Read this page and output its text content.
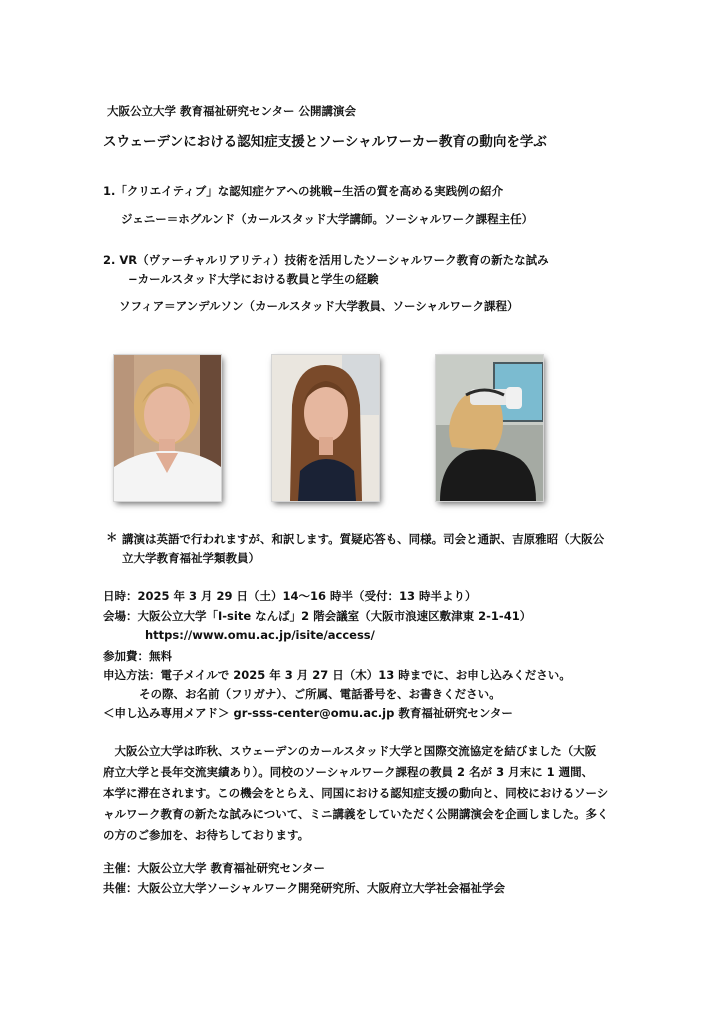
大阪公立大学 教育福祉研究センター 公開講演会
スウェーデンにおける認知症支援とソーシャルワーカー教育の動向を学ぶ
1.「クリエイティブ」な認知症ケアへの挑戦−生活の質を高める実践例の紹介
ジェニー＝ホグルンド（カールスタッド大学講師。ソーシャルワーク課程主任）
2. VR（ヴァーチャルリアリティ）技術を活用したソーシャルワーク教育の新たな試み
−カールスタッド大学における教員と学生の経験
ソフィア＝アンデルソン（カールスタッド大学教員、ソーシャルワーク課程）
＊ 講演は英語で行われますが、和訳します。質疑応答も、同様。司会と通訳、吉原雅昭（大阪公
立大学教育福祉学類教員）
日時：2025 年 3 月 29 日（土）14〜16 時半（受付：13 時半より）
会場：大阪公立大学「I-site なんば」2 階会議室（大阪市浪速区敷津東 2-1-41）
https://www.omu.ac.jp/isite/access/
参加費：無料
申込方法：電子メイルで 2025 年 3 月 27 日（木）13 時までに、お申し込みください。
その際、お名前（フリガナ）、ご所属、電話番号を、お書きください。
＜申し込み専用メアド＞ gr-sss-center@omu.ac.jp 教育福祉研究センター
　大阪公立大学は昨秋、スウェーデンのカールスタッド大学と国際交流協定を結びました（大阪
府立大学と長年交流実績あり）。同校のソーシャルワーク課程の教員 2 名が 3 月末に 1 週間、
本学に滞在されます。この機会をとらえ、同国における認知症支援の動向と、同校におけるソーシ
ャルワーク教育の新たな試みについて、ミニ講義をしていただく公開講演会を企画しました。多く
の方のご参加を、お待ちしております。
主催：大阪公立大学 教育福祉研究センター
共催：大阪公立大学ソーシャルワーク開発研究所、大阪府立大学社会福祉学会
